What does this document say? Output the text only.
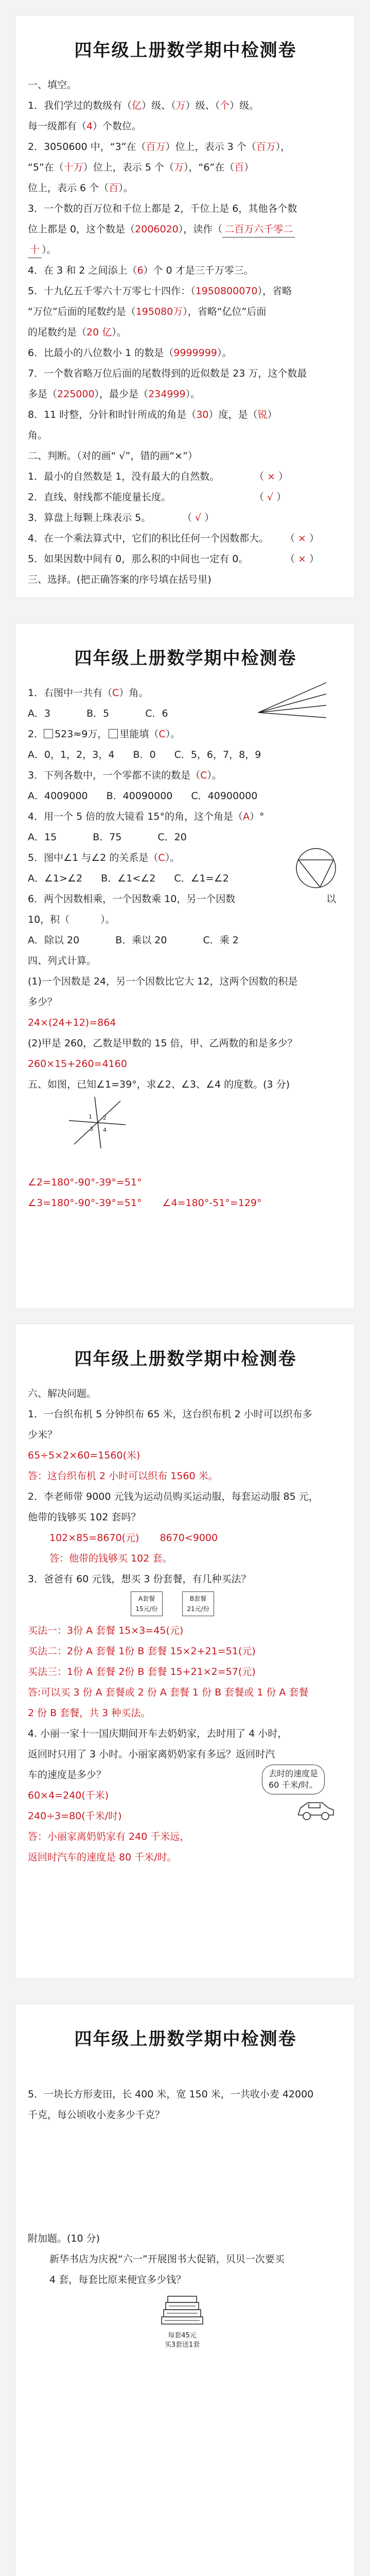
四年级上册数学期中检测卷
一、填空。
1．我们学过的数级有（亿）级、（万）级、（个）级。
每一级都有（4）个数位。
2．3050600 中，“3”在（百万）位上，表示 3 个（百万），
“5”在（十万）位上，表示 5 个（万），“6”在（百）
位上，表示 6 个（百）。
3．一个数的百万位和千位上都是 2，千位上是 6，其他各个数
位上都是 0，这个数是（2006020），读作（ 二百万六千零二
十 ）。
4．在 3 和 2 之间添上（6）个 0 才是三千万零三。
5．十九亿五千零六十万零七十四作：（1950800070），省略
“万位”后面的尾数约是（195080万），省略“亿位”后面
的尾数约是（20 亿）。
6．比最小的八位数小 1 的数是（9999999）。
7．一个数省略万位后面的尾数得到的近似数是 23 万，这个数最
多是（225000），最少是（234999）。
8．11 时整，分针和时针所成的角是（30）度，是（锐）
角。
二、判断。（对的画“ √”，错的画“×”）
1．最小的自然数是 1，没有最大的自然数。	（ × ）
2．直线、射线都不能度量长度。	（ √ ）
3．算盘上每颗上珠表示 5。	（ √ ）
4．在一个乘法算式中，它们的积比任何一个因数都大。 （ × ）
5．如果因数中间有 0，那么积的中间也一定有 0。	（ × ）
三、选择。(把正确答案的序号填在括号里)
四年级上册数学期中检测卷
1．右图中一共有（C）角。
A．3	B．5	C．6
2． 523≈9万， 里能填（C）。
A．0，1，2，3，4 B．0 C．5，6，7，8，9
3．下列各数中，一个零都不读的数是（C）。
A．4009000 B．40090000 C．40900000
4．用一个 5 倍的放大镜看 15°的角，这个角是（A）°
A．15	B．75	C．20
5．图中∠1 与∠2 的关系是（C）。
A．∠1>∠2 B．∠1<∠2 C．∠1=∠2
6．两个因数相乘，一个因数乘 10，另一个因数	以
10，积（	）。
A．除以 20	B．乘以 20	C．乘 2
四、列式计算。
(1)一个因数是 24，另一个因数比它大 12，这两个因数的积是
多少？
24×(24+12)=864
(2)甲是 260，乙数是甲数的 15 倍，甲、乙两数的和是多少？
260×15+260=4160
五、如图，已知∠1=39°，求∠2、∠3、∠4 的度数。(3 分)
1 2
3 4
∠2=180°-90°-39°=51°
∠3=180°-90°-39°=51° ∠4=180°-51°=129°
四年级上册数学期中检测卷
六、解决问题。
1．一台织布机 5 分钟织布 65 米，这台织布机 2 小时可以织布多
少米？
65÷5×2×60=1560(米)
答：这台织布机 2 小时可以织布 1560 米。
2．李老师带 9000 元钱为运动员购买运动服，每套运动服 85 元，
他带的钱够买 102 套吗？
102×85=8670(元) 8670<9000
答：他带的钱够买 102 套。
3．爸爸有 60 元钱，想买 3 份套餐，有几种买法？
A套餐
15元/份
B套餐
21元/份
买法一：3份 A 套餐 15×3=45(元)
买法二：2份 A 套餐 1份 B 套餐 15×2+21=51(元)
买法三：1份 A 套餐 2份 B 套餐 15+21×2=57(元)
答:可以买 3 份 A 套餐或 2 份 A 套餐 1 份 B 套餐或 1 份 A 套餐
2 份 B 套餐，共 3 种买法。
4. 小丽一家十一国庆期间开车去奶奶家，去时用了 4 小时，
返回时只用了 3 小时。小丽家离奶奶家有多远？返回时汽
车的速度是多少？	去时的速度是
60 千米/时。
60×4=240(千米)
240÷3=80(千米/时)
答：小丽家离奶奶家有 240 千米远，
返回时汽车的速度是 80 千米/时。
四年级上册数学期中检测卷
5．一块长方形麦田，长 400 米，宽 150 米，一共收小麦 42000
千克，每公顷收小麦多少千克？
附加题。(10 分)
新华书店为庆祝“六一”开展图书大促销，贝贝一次要买
4 套，每套比原来便宜多少钱？
每套45元
买3套送1套
